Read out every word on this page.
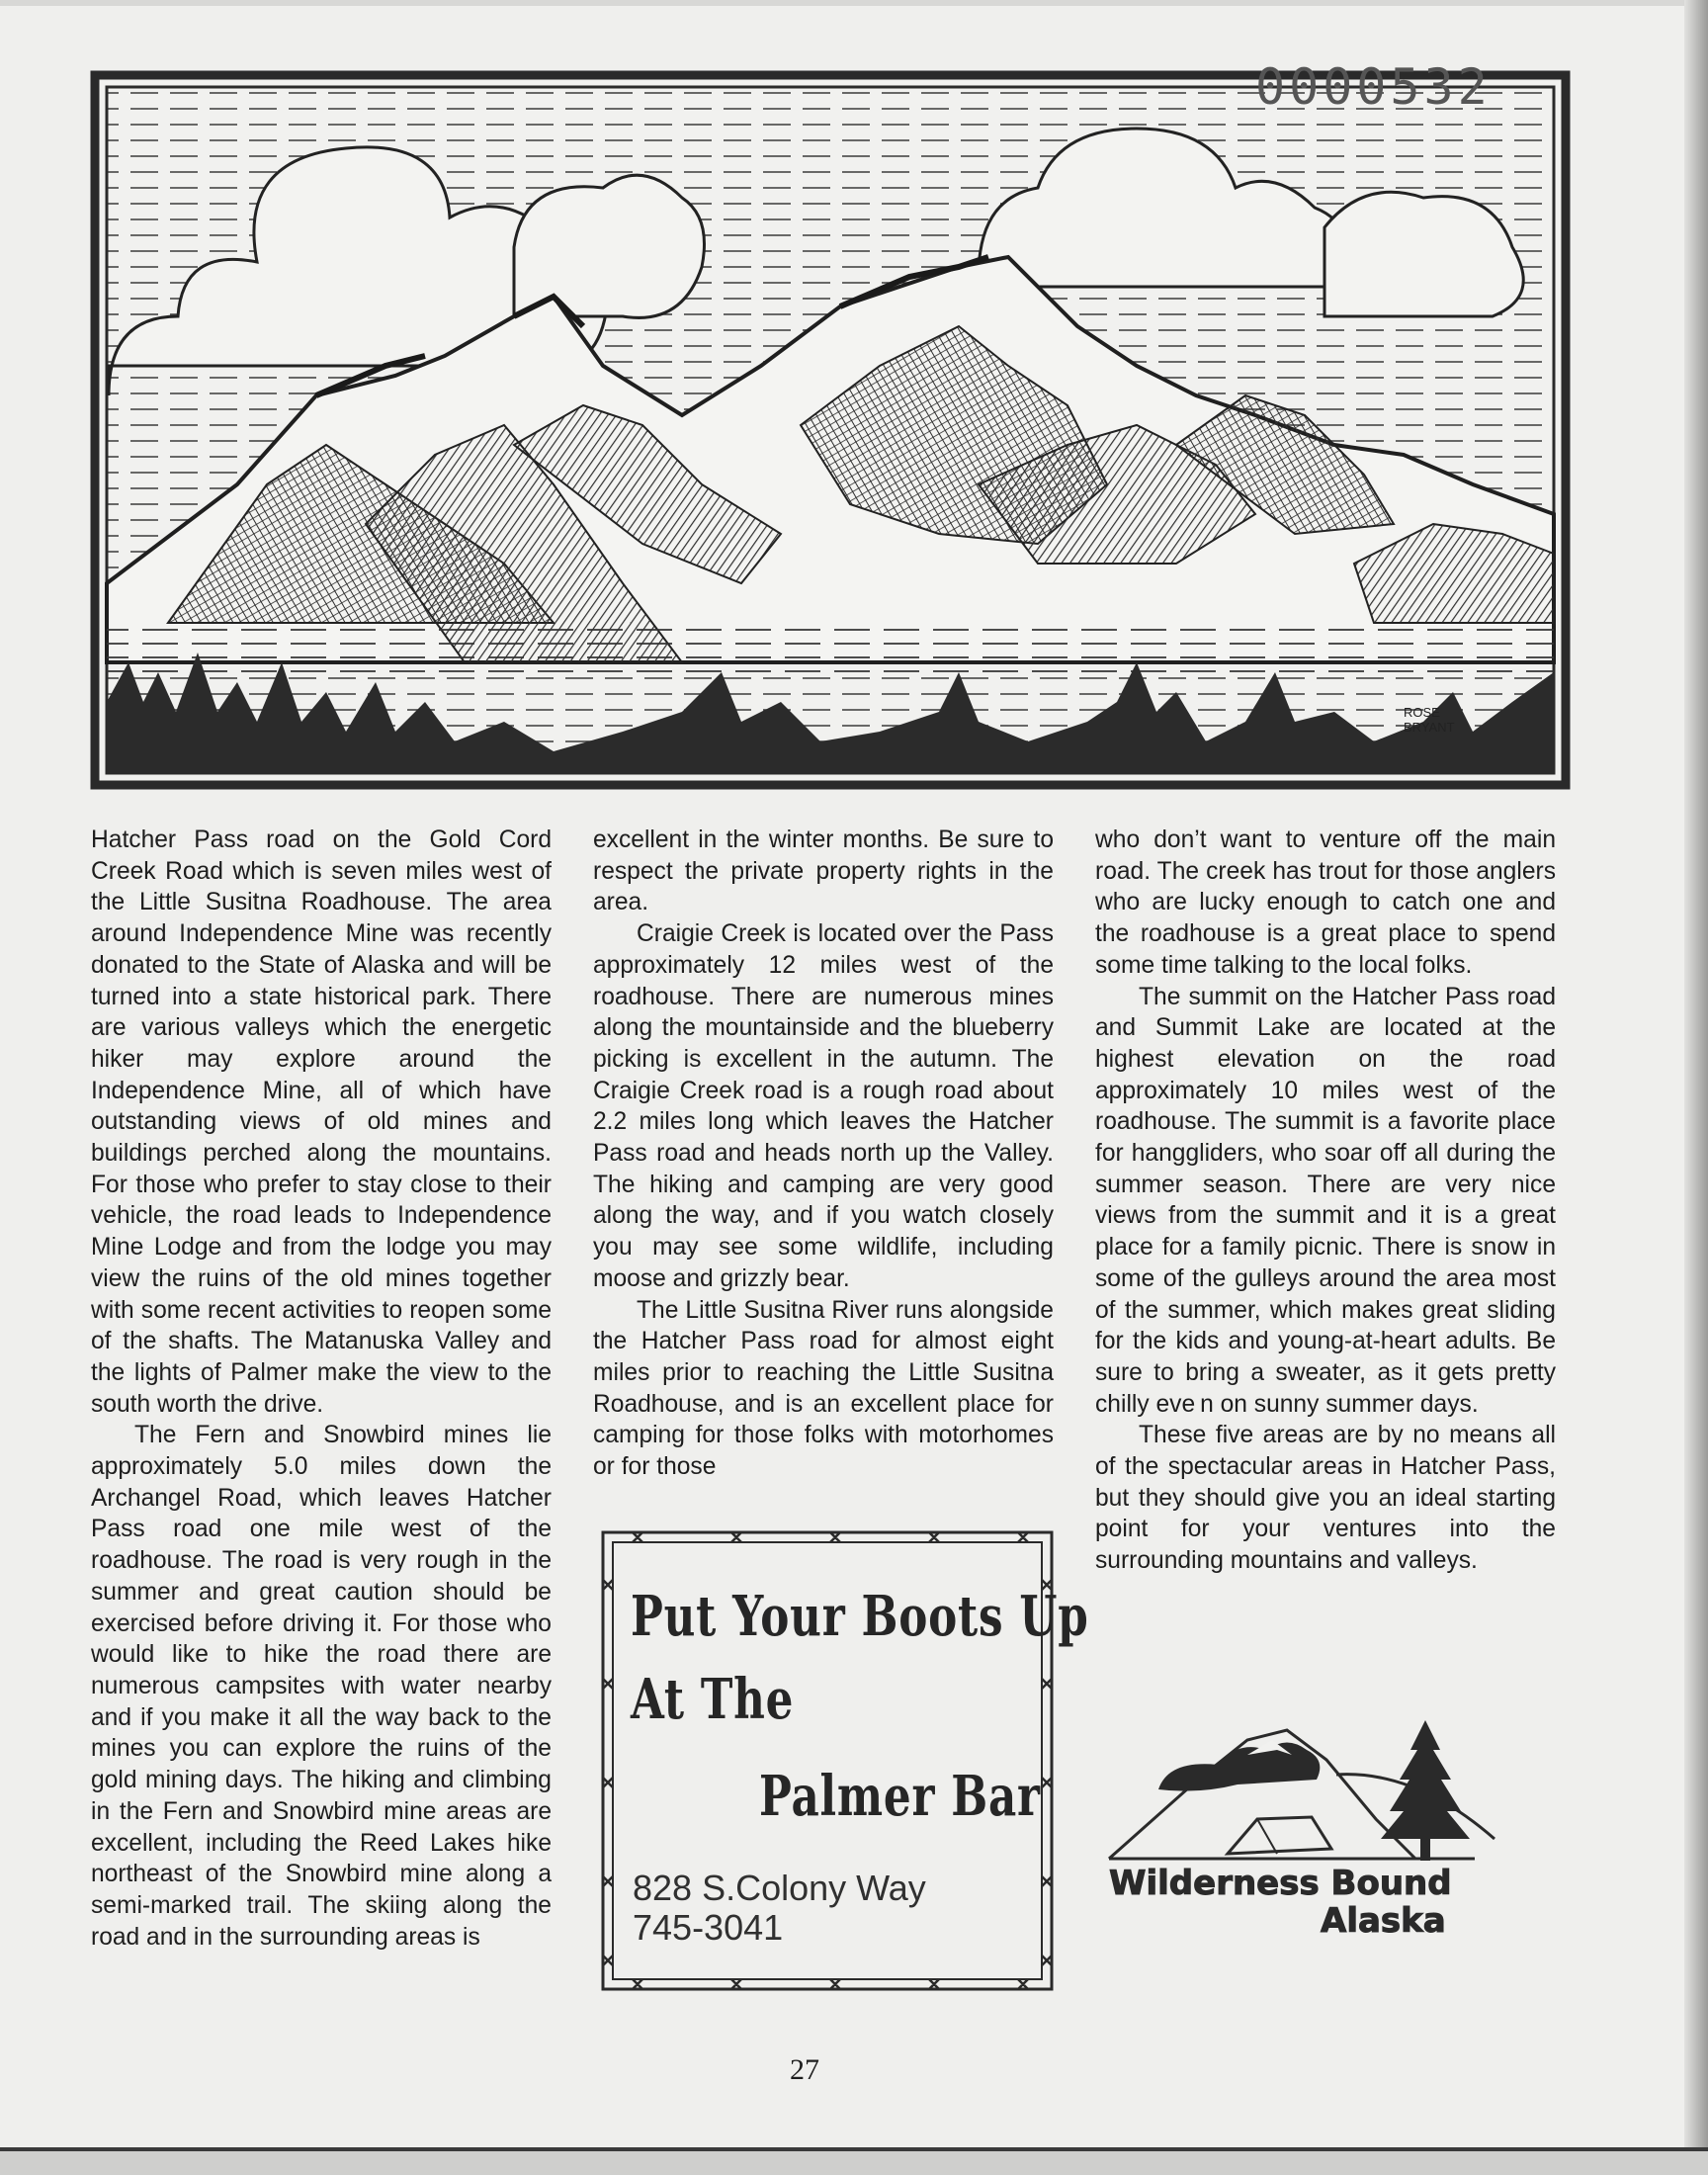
ROSE
BRYANT

0000532

Hatcher Pass road on the Gold Cord Creek Road which is seven miles west of the Little Susitna Roadhouse. The area around Independence Mine was recently donated to the State of Alaska and will be turned into a state historical park. There are various valleys which the energetic hiker may explore around the Independence Mine, all of which have outstanding views of old mines and buildings perched along the mountains. For those who prefer to stay close to their vehicle, the road leads to Independence Mine Lodge and from the lodge you may view the ruins of the old mines together with some recent activities to reopen some of the shafts. The Matanuska Valley and the lights of Palmer make the view to the south worth the drive.

The Fern and Snowbird mines lie approximately 5.0 miles down the Archangel Road, which leaves Hatcher Pass road one mile west of the roadhouse. The road is very rough in the summer and great caution should be exercised before driving it. For those who would like to hike the road there are numerous campsites with water nearby and if you make it all the way back to the mines you can explore the ruins of the gold mining days. The hiking and climbing in the Fern and Snowbird mine areas are excellent, including the Reed Lakes hike northeast of the Snowbird mine along a semi-marked trail. The skiing along the road and in the surrounding areas is

excellent in the winter months. Be sure to respect the private property rights in the area.

Craigie Creek is located over the Pass approximately 12 miles west of the roadhouse. There are numerous mines along the mountainside and the blueberry picking is excellent in the autumn. The Craigie Creek road is a rough road about 2.2 miles long which leaves the Hatcher Pass road and heads north up the Valley. The hiking and camping are very good along the way, and if you watch closely you may see some wildlife, including moose and grizzly bear.

The Little Susitna River runs alongside the Hatcher Pass road for almost eight miles prior to reaching the Little Susitna Roadhouse, and is an excellent place for camping for those folks with motorhomes or for those

who don’t want to venture off the main road. The creek has trout for those anglers who are lucky enough to catch one and the roadhouse is a great place to spend some time talking to the local folks.

The summit on the Hatcher Pass road and Summit Lake are located at the highest elevation on the road approximately 10 miles west of the roadhouse. The summit is a favorite place for hanggliders, who soar off all during the summer season. There are very nice views from the summit and it is a great place for a family picnic. There is snow in some of the gulleys around the area most of the summer, which makes great sliding for the kids and young-at-heart adults. Be sure to bring a sweater, as it gets pretty chilly eve n on sunny summer days.

These five areas are by no means all of the spectacular areas in Hatcher Pass, but they should give you an ideal starting point for your ventures into the surrounding mountains and valleys.

Put Your Boots Up

At The

Palmer Bar

828 S.Colony Way

745-3041

Wilderness Bound

Alaska

27
